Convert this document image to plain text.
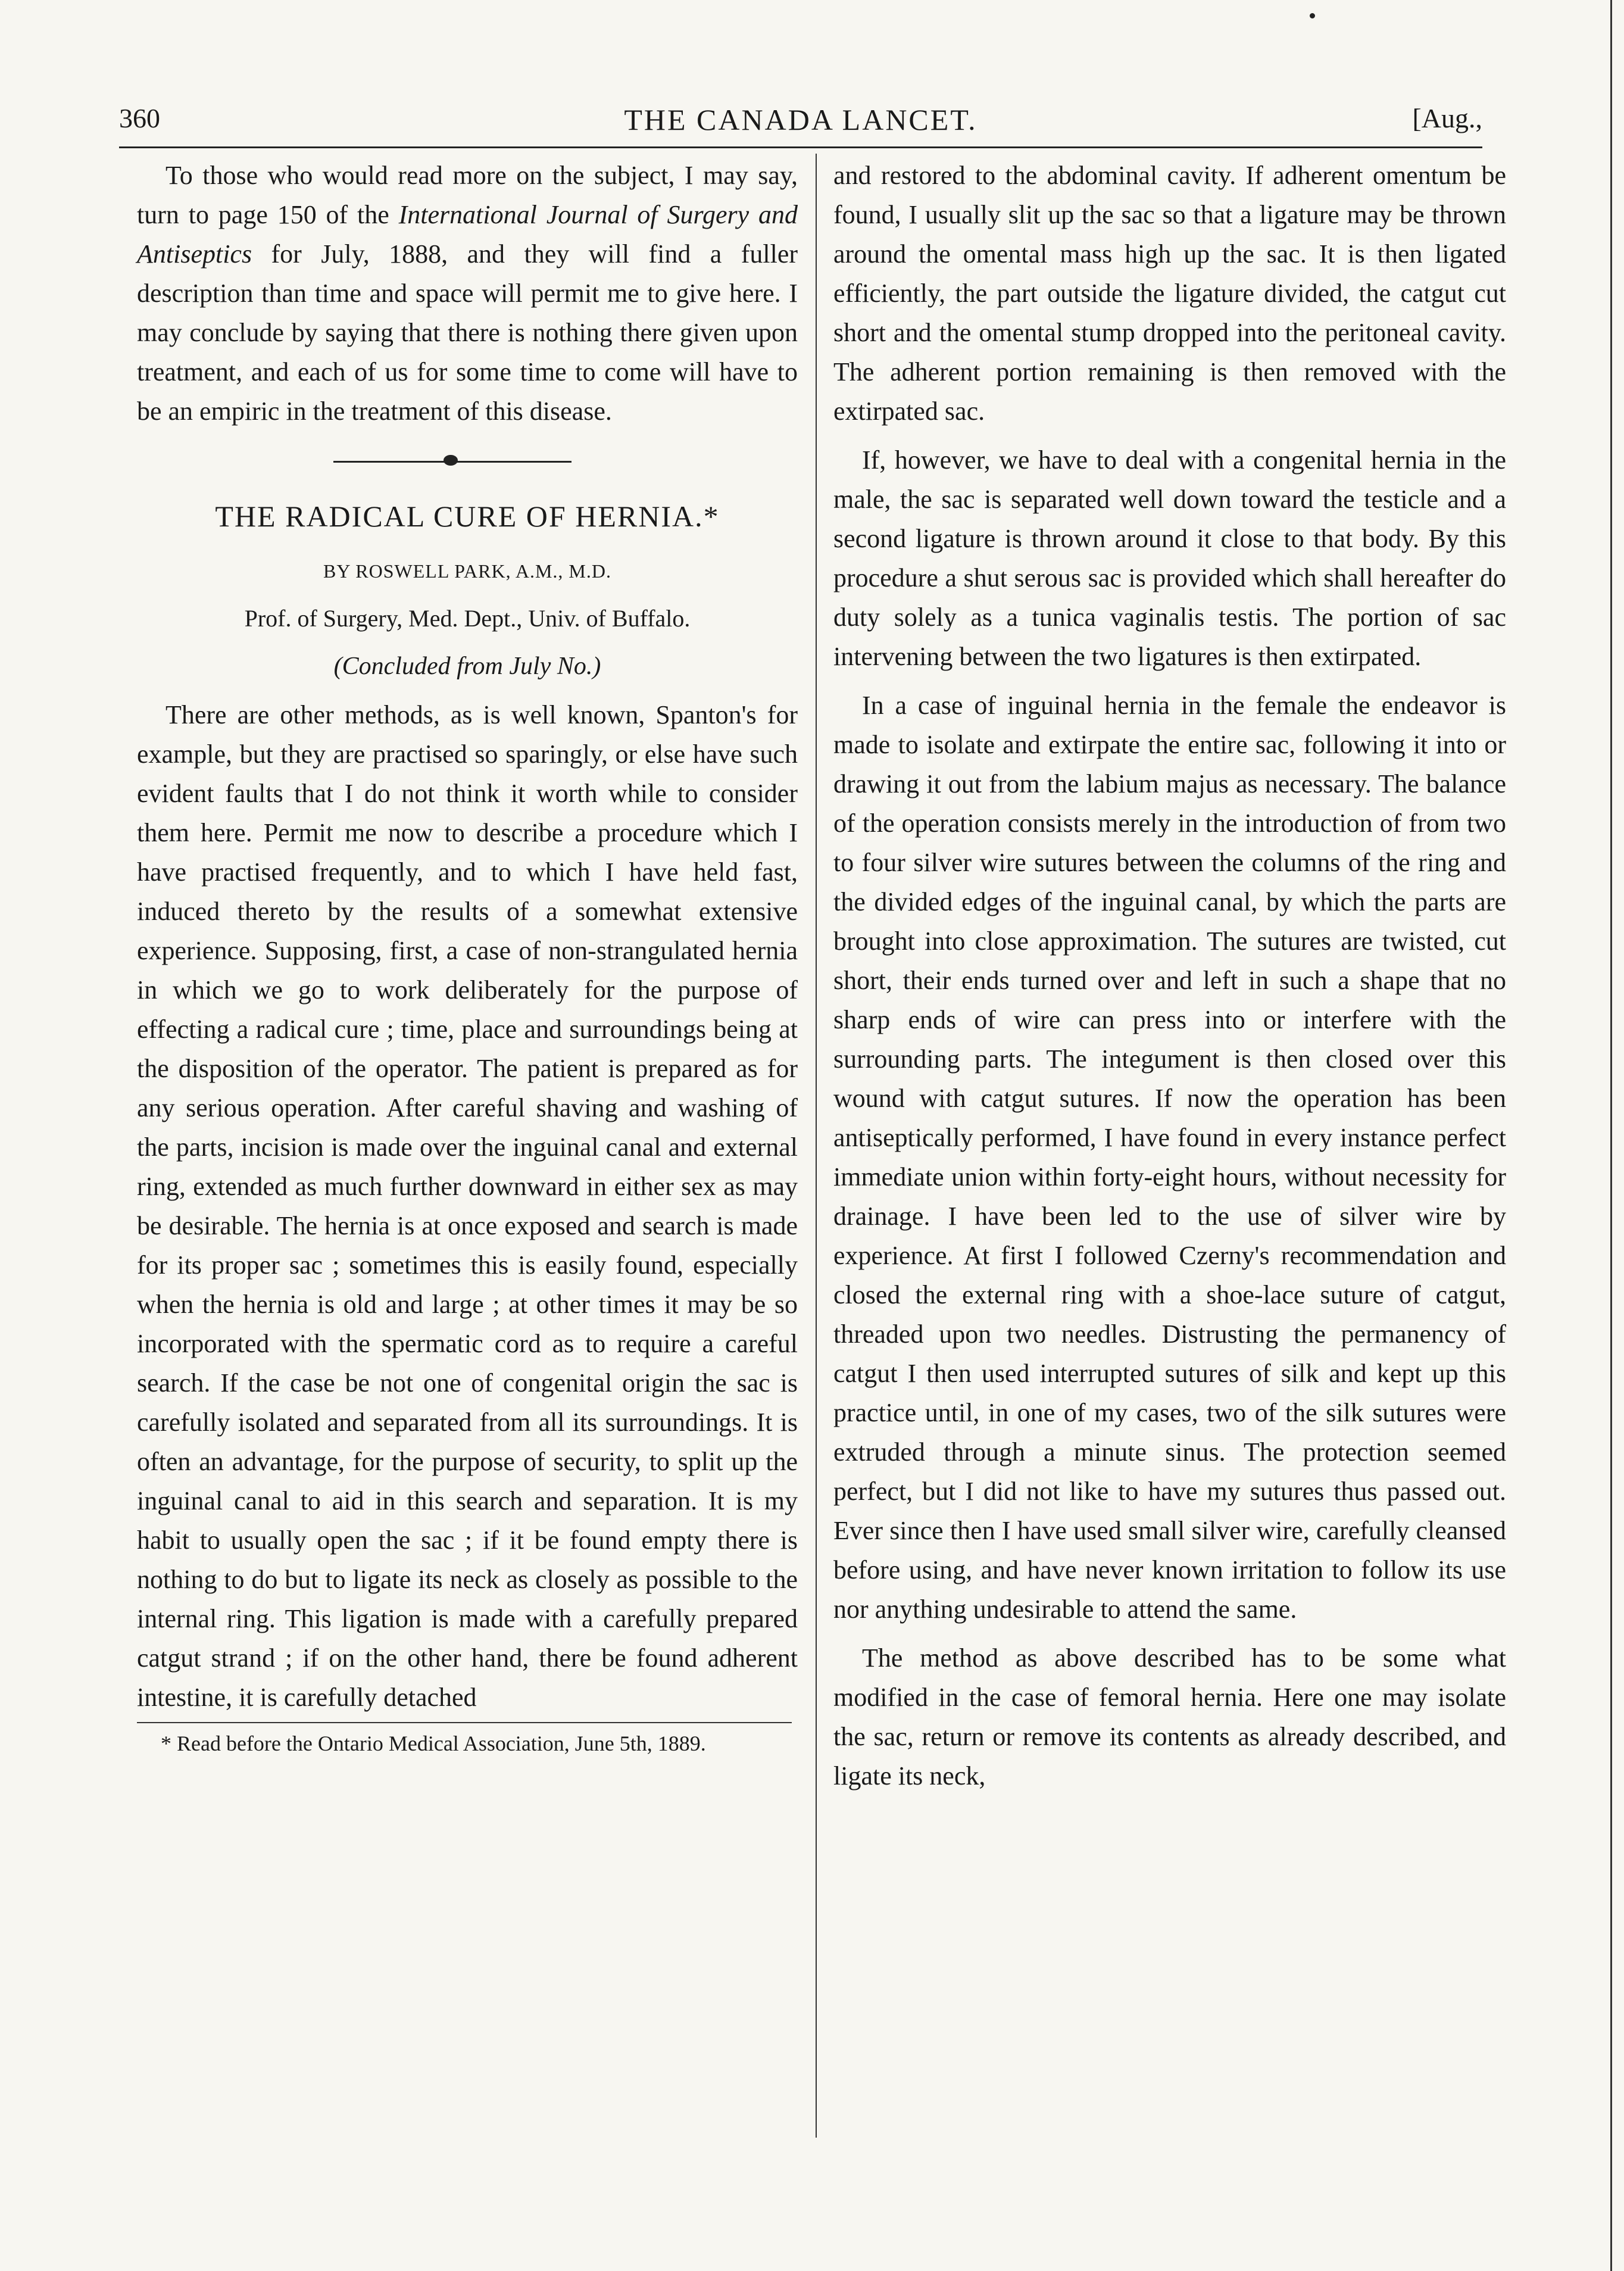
360	THE CANADA LANCET.	[Aug.,

To those who would read more on the subject, I may say, turn to page 150 of the International Journal of Surgery and Antiseptics for July, 1888, and they will find a fuller description than time and space will permit me to give here. I may conclude by saying that there is nothing there given upon treatment, and each of us for some time to come will have to be an empiric in the treatment of this disease.

THE RADICAL CURE OF HERNIA.*
BY ROSWELL PARK, A.M., M.D.
Prof. of Surgery, Med. Dept., Univ. of Buffalo.
(Concluded from July No.)

There are other methods, as is well known, Spanton's for example, but they are practised so sparingly, or else have such evident faults that I do not think it worth while to consider them here. Permit me now to describe a procedure which I have practised frequently, and to which I have held fast, induced thereto by the results of a somewhat extensive experience. Supposing, first, a case of non-strangulated hernia in which we go to work deliberately for the purpose of effecting a radical cure ; time, place and surroundings being at the disposition of the operator. The patient is prepared as for any serious operation. After careful shaving and washing of the parts, incision is made over the inguinal canal and external ring, extended as much further downward in either sex as may be desirable. The hernia is at once exposed and search is made for its proper sac ; sometimes this is easily found, especially when the hernia is old and large ; at other times it may be so incorporated with the spermatic cord as to require a careful search. If the case be not one of congenital origin the sac is carefully isolated and separated from all its surroundings. It is often an advantage, for the purpose of security, to split up the inguinal canal to aid in this search and separation. It is my habit to usually open the sac ; if it be found empty there is nothing to do but to ligate its neck as closely as possible to the internal ring. This ligation is made with a carefully prepared catgut strand ; if on the other hand, there be found adherent intestine, it is carefully detached

* Read before the Ontario Medical Association, June 5th, 1889.

and restored to the abdominal cavity. If adherent omentum be found, I usually slit up the sac so that a ligature may be thrown around the omental mass high up the sac. It is then ligated efficiently, the part outside the ligature divided, the catgut cut short and the omental stump dropped into the peritoneal cavity. The adherent portion remaining is then removed with the extirpated sac.

If, however, we have to deal with a congenital hernia in the male, the sac is separated well down toward the testicle and a second ligature is thrown around it close to that body. By this procedure a shut serous sac is provided which shall hereafter do duty solely as a tunica vaginalis testis. The portion of sac intervening between the two ligatures is then extirpated.

In a case of inguinal hernia in the female the endeavor is made to isolate and extirpate the entire sac, following it into or drawing it out from the labium majus as necessary. The balance of the operation consists merely in the introduction of from two to four silver wire sutures between the columns of the ring and the divided edges of the inguinal canal, by which the parts are brought into close approximation. The sutures are twisted, cut short, their ends turned over and left in such a shape that no sharp ends of wire can press into or interfere with the surrounding parts. The integument is then closed over this wound with catgut sutures. If now the operation has been antiseptically performed, I have found in every instance perfect immediate union within forty-eight hours, without necessity for drainage. I have been led to the use of silver wire by experience. At first I followed Czerny's recommendation and closed the external ring with a shoe-lace suture of catgut, threaded upon two needles. Distrusting the permanency of catgut I then used interrupted sutures of silk and kept up this practice until, in one of my cases, two of the silk sutures were extruded through a minute sinus. The protection seemed perfect, but I did not like to have my sutures thus passed out. Ever since then I have used small silver wire, carefully cleansed before using, and have never known irritation to follow its use nor anything undesirable to attend the same.

The method as above described has to be some what modified in the case of femoral hernia. Here one may isolate the sac, return or remove its contents as already described, and ligate its neck,
